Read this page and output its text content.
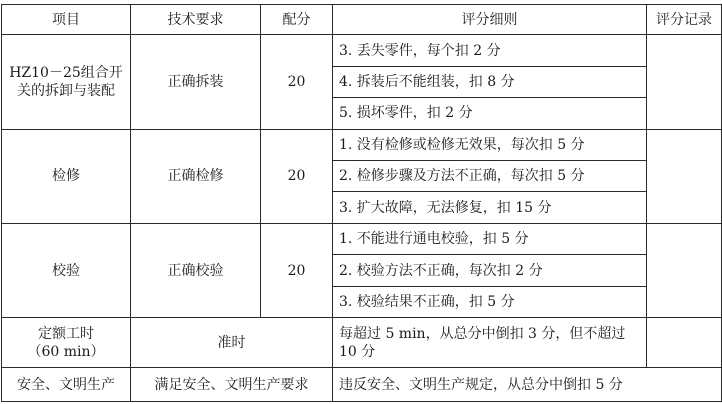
项目	技术要求	配分	评分细则	评分记录
HZ10－25组合开
关的拆卸与装配	正确拆装	20	3. 丢失零件，每个扣 2 分	
			4. 拆装后不能组装，扣 8 分	
			5. 损坏零件，扣 2 分	
检修	正确检修	20	1. 没有检修或检修无效果，每次扣 5 分	
			2. 检修步骤及方法不正确，每次扣 5 分	
			3. 扩大故障，无法修复，扣 15 分	
校验	正确校验	20	1. 不能进行通电校验，扣 5 分	
			2. 校验方法不正确，每次扣 2 分	
			3. 校验结果不正确，扣 5 分	
定额工时
（60 min）	准时		每超过 5 min，从总分中倒扣 3 分，但不超过 10 分	
安全、文明生产	满足安全、文明生产要求		违反安全、文明生产规定，从总分中倒扣 5 分	
